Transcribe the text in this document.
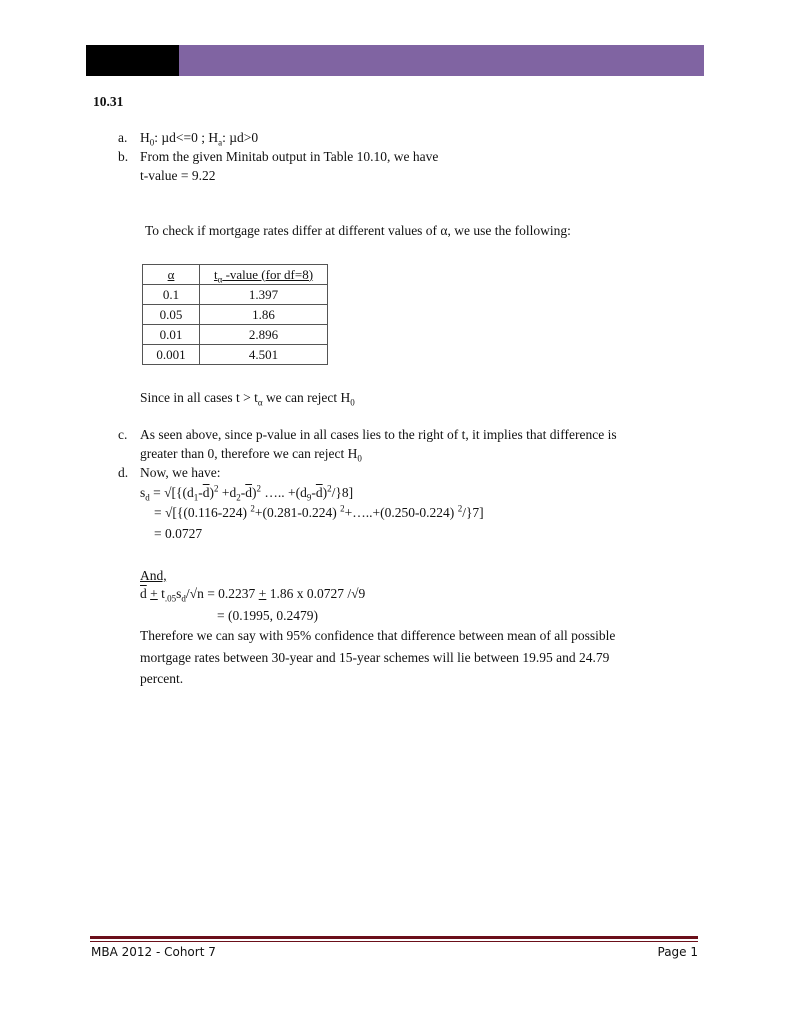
10.31
a. $H_0$: µd<=0 ; $H_a$: µd>0
b. From the given Minitab output in Table 10.10, we have
t-value = 9.22
To check if mortgage rates differ at different values of α, we use the following:
α	$t_\alpha$ -value (for df=8)
0.1	1.397
0.05	1.86
0.01	2.896
0.001	4.501
Since in all cases $t > t_\alpha$ we can reject $H_0$
c. As seen above, since p-value in all cases lies to the right of t, it implies that difference is
greater than 0, therefore we can reject $H_0$
d. Now, we have:
$s_d = √[\{(d_1-\overline{d})^2 +d_2-\overline{d})^2$ ….. $+(d_9-\overline{d})^2/\}8$]
= √[{(0.116-224) $^2$+(0.281-0.224) $^2$+…..+(0.250-0.224) $^2$/}7]
= 0.0727
And,
$\overline{d} + t_{.05}s_d/√n = 0.2237 + 1.86$ x 0.0727 /√9
= (0.1995, 0.2479)
Therefore we can say with 95% confidence that difference between mean of all possible
mortgage rates between 30-year and 15-year schemes will lie between 19.95 and 24.79
percent.
MBA 2012 - Cohort 7	Page 1
